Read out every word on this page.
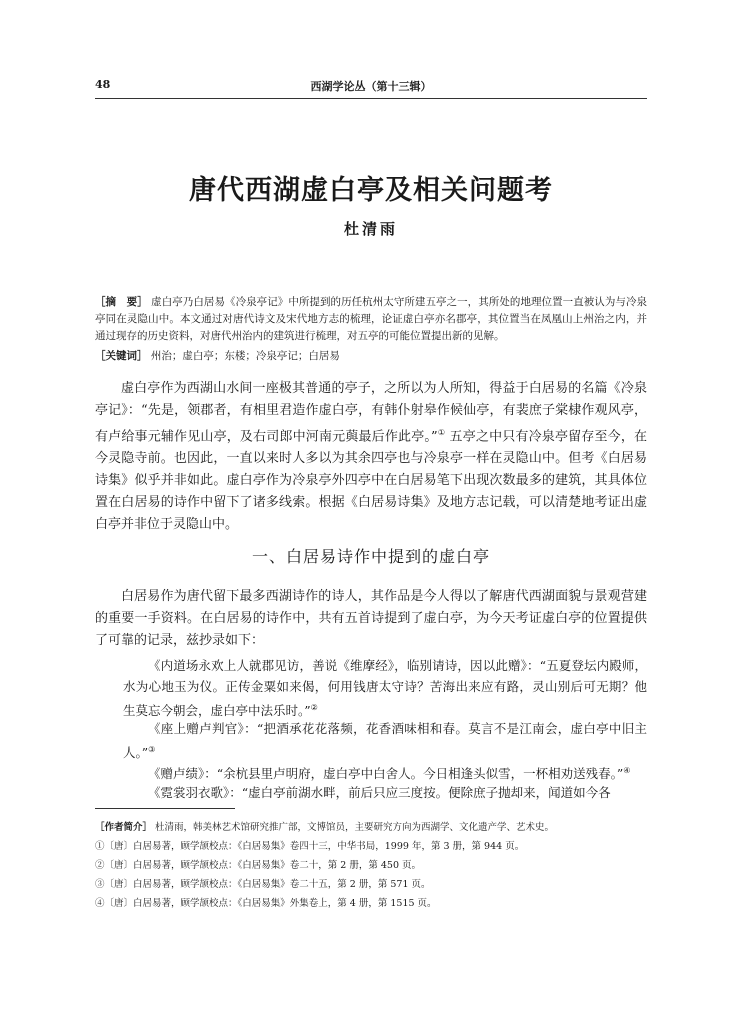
48	西湖学论丛（第十三辑）
唐代西湖虚白亭及相关问题考
杜清雨
［摘　要］ 虚白亭乃白居易《冷泉亭记》中所提到的历任杭州太守所建五亭之一，其所处的地理位置一直被认为与冷泉亭同在灵隐山中。本文通过对唐代诗文及宋代地方志的梳理，论证虚白亭亦名郡亭，其位置当在凤凰山上州治之内，并通过现存的历史资料，对唐代州治内的建筑进行梳理，对五亭的可能位置提出新的见解。
［关键词］ 州治；虚白亭；东楼；冷泉亭记；白居易

虚白亭作为西湖山水间一座极其普通的亭子，之所以为人所知，得益于白居易的名篇《冷泉亭记》：“先是，领郡者，有相里君造作虚白亭，有韩仆射皋作候仙亭，有裴庶子棠棣作观风亭，有卢给事元辅作见山亭，及右司郎中河南元藇最后作此亭。”① 五亭之中只有冷泉亭留存至今，在今灵隐寺前。也因此，一直以来时人多以为其余四亭也与冷泉亭一样在灵隐山中。但考《白居易诗集》似乎并非如此。虚白亭作为冷泉亭外四亭中在白居易笔下出现次数最多的建筑，其具体位置在白居易的诗作中留下了诸多线索。根据《白居易诗集》及地方志记载，可以清楚地考证出虚白亭并非位于灵隐山中。

一、白居易诗作中提到的虚白亭

白居易作为唐代留下最多西湖诗作的诗人，其作品是今人得以了解唐代西湖面貌与景观营建的重要一手资料。在白居易的诗作中，共有五首诗提到了虚白亭，为今天考证虚白亭的位置提供了可靠的记录，兹抄录如下：

《内道场永欢上人就郡见访，善说《维摩经》，临别请诗，因以此赠》：“五夏登坛内殿师，水为心地玉为仪。正传金粟如来偈，何用钱唐太守诗？苦海出来应有路，灵山别后可无期？他生莫忘今朝会，虚白亭中法乐时。”②

《座上赠卢判官》：“把酒承花花落频，花香酒味相和春。莫言不是江南会，虚白亭中旧主人。”③

《赠卢绩》：“余杭县里卢明府，虚白亭中白舍人。今日相逢头似雪，一杯相劝送残春。”④

《霓裳羽衣歌》：“虚白亭前湖水畔，前后只应三度按。便除庶子抛却来，闻道如今各

［作者简介］ 杜清雨，韩美林艺术馆研究推广部，文博馆员，主要研究方向为西湖学、文化遗产学、艺术史。
①〔唐〕白居易著，顾学颉校点：《白居易集》卷四十三，中华书局，1999 年，第 3 册，第 944 页。
②〔唐〕白居易著，顾学颉校点：《白居易集》卷二十，第 2 册，第 450 页。
③〔唐〕白居易著，顾学颉校点：《白居易集》卷二十五，第 2 册，第 571 页。
④〔唐〕白居易著，顾学颉校点：《白居易集》外集卷上，第 4 册，第 1515 页。
